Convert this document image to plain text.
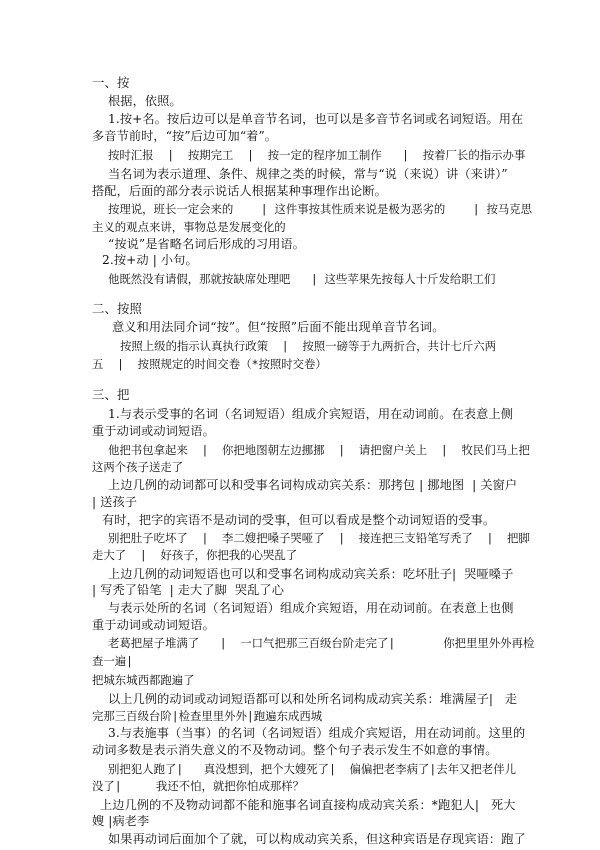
一、按

根据，依照。

1.按+名。按后边可以是单音节名词，也可以是多音节名词或名词短语。用在

多音节前时，“按”后边可加“着”。

按时汇报  |  按期完工  |  按一定的程序加工制作   |  按着厂长的指示办事

当名词为表示道理、条件、规律之类的时候，常与“说（来说）讲（来讲）”

搭配，后面的部分表示说话人根据某种事理作出论断。

按理说，班长一定会来的    | 这件事按其性质来说是极为恶劣的    | 按马克思

主义的观点来讲，事物总是发展变化的

“按说”是省略名词后形成的习用语。

2.按+动 | 小句。

他既然没有请假，那就按缺席处理吧   | 这些苹果先按每人十斤发给职工们

二、按照

意义和用法同介词“按”。但“按照”后面不能出现单音节名词。

按照上级的指示认真执行政策  |  按照一磅等于九两折合，共计七斤六两

五  |  按照规定的时间交卷（*按照时交卷）

三、把

1.与表示受事的名词（名词短语）组成介宾短语，用在动词前。在表意上侧

重于动词或动词短语。

他把书包拿起来  |  你把地图朝左边挪挪  |  请把窗户关上  |  牧民们马上把

这两个孩子送走了

上边几例的动词都可以和受事名词构成动宾关系：那拷包 | 挪地图  | 关窗户

| 送孩子

有时，把字的宾语不是动词的受事，但可以看成是整个动词短语的受事。

别把肚子吃坏了  |  李二嫂把嗓子哭哑了  |  接连把三支铅笔写秃了  |  把脚

走大了  |  好孩子，你把我的心哭乱了

上边几例的动词短语也可以和受事名词构成动宾关系：吃坏肚子|  哭哑嗓子

| 写秃了铅笔  | 走大了脚  哭乱了心

与表示处所的名词（名词短语）组成介宾短语，用在动词前。在表意上也侧

重于动词或动词短语。

老葛把屋子堆满了   |  一口气把那三百级台阶走完了|       你把里里外外再检

查一遍|

把城东城西都跑遍了

以上几例的动词或动词短语都可以和处所名词构成动宾关系：堆满屋子|   走

完那三百级台阶|检查里里外外|跑遍东成西城

3.与表施事（当事）的名词（名词短语）组成介宾短语，用在动词前。这里的

动词多数是表示消失意义的不及物动词。整个句子表示发生不如意的事情。

别把犯人跑了|   真没想到，把个大嫂死了|  偏偏把老李病了|去年又把老伴儿

没了|     我还不怕，就把你怕成那样？

上边几例的不及物动词都不能和施事名词直接构成动宾关系：*跑犯人|   死大

嫂 |病老李

如果再动词后面加个了就，可以构成动宾关系，但这种宾语是存现宾语：跑了
